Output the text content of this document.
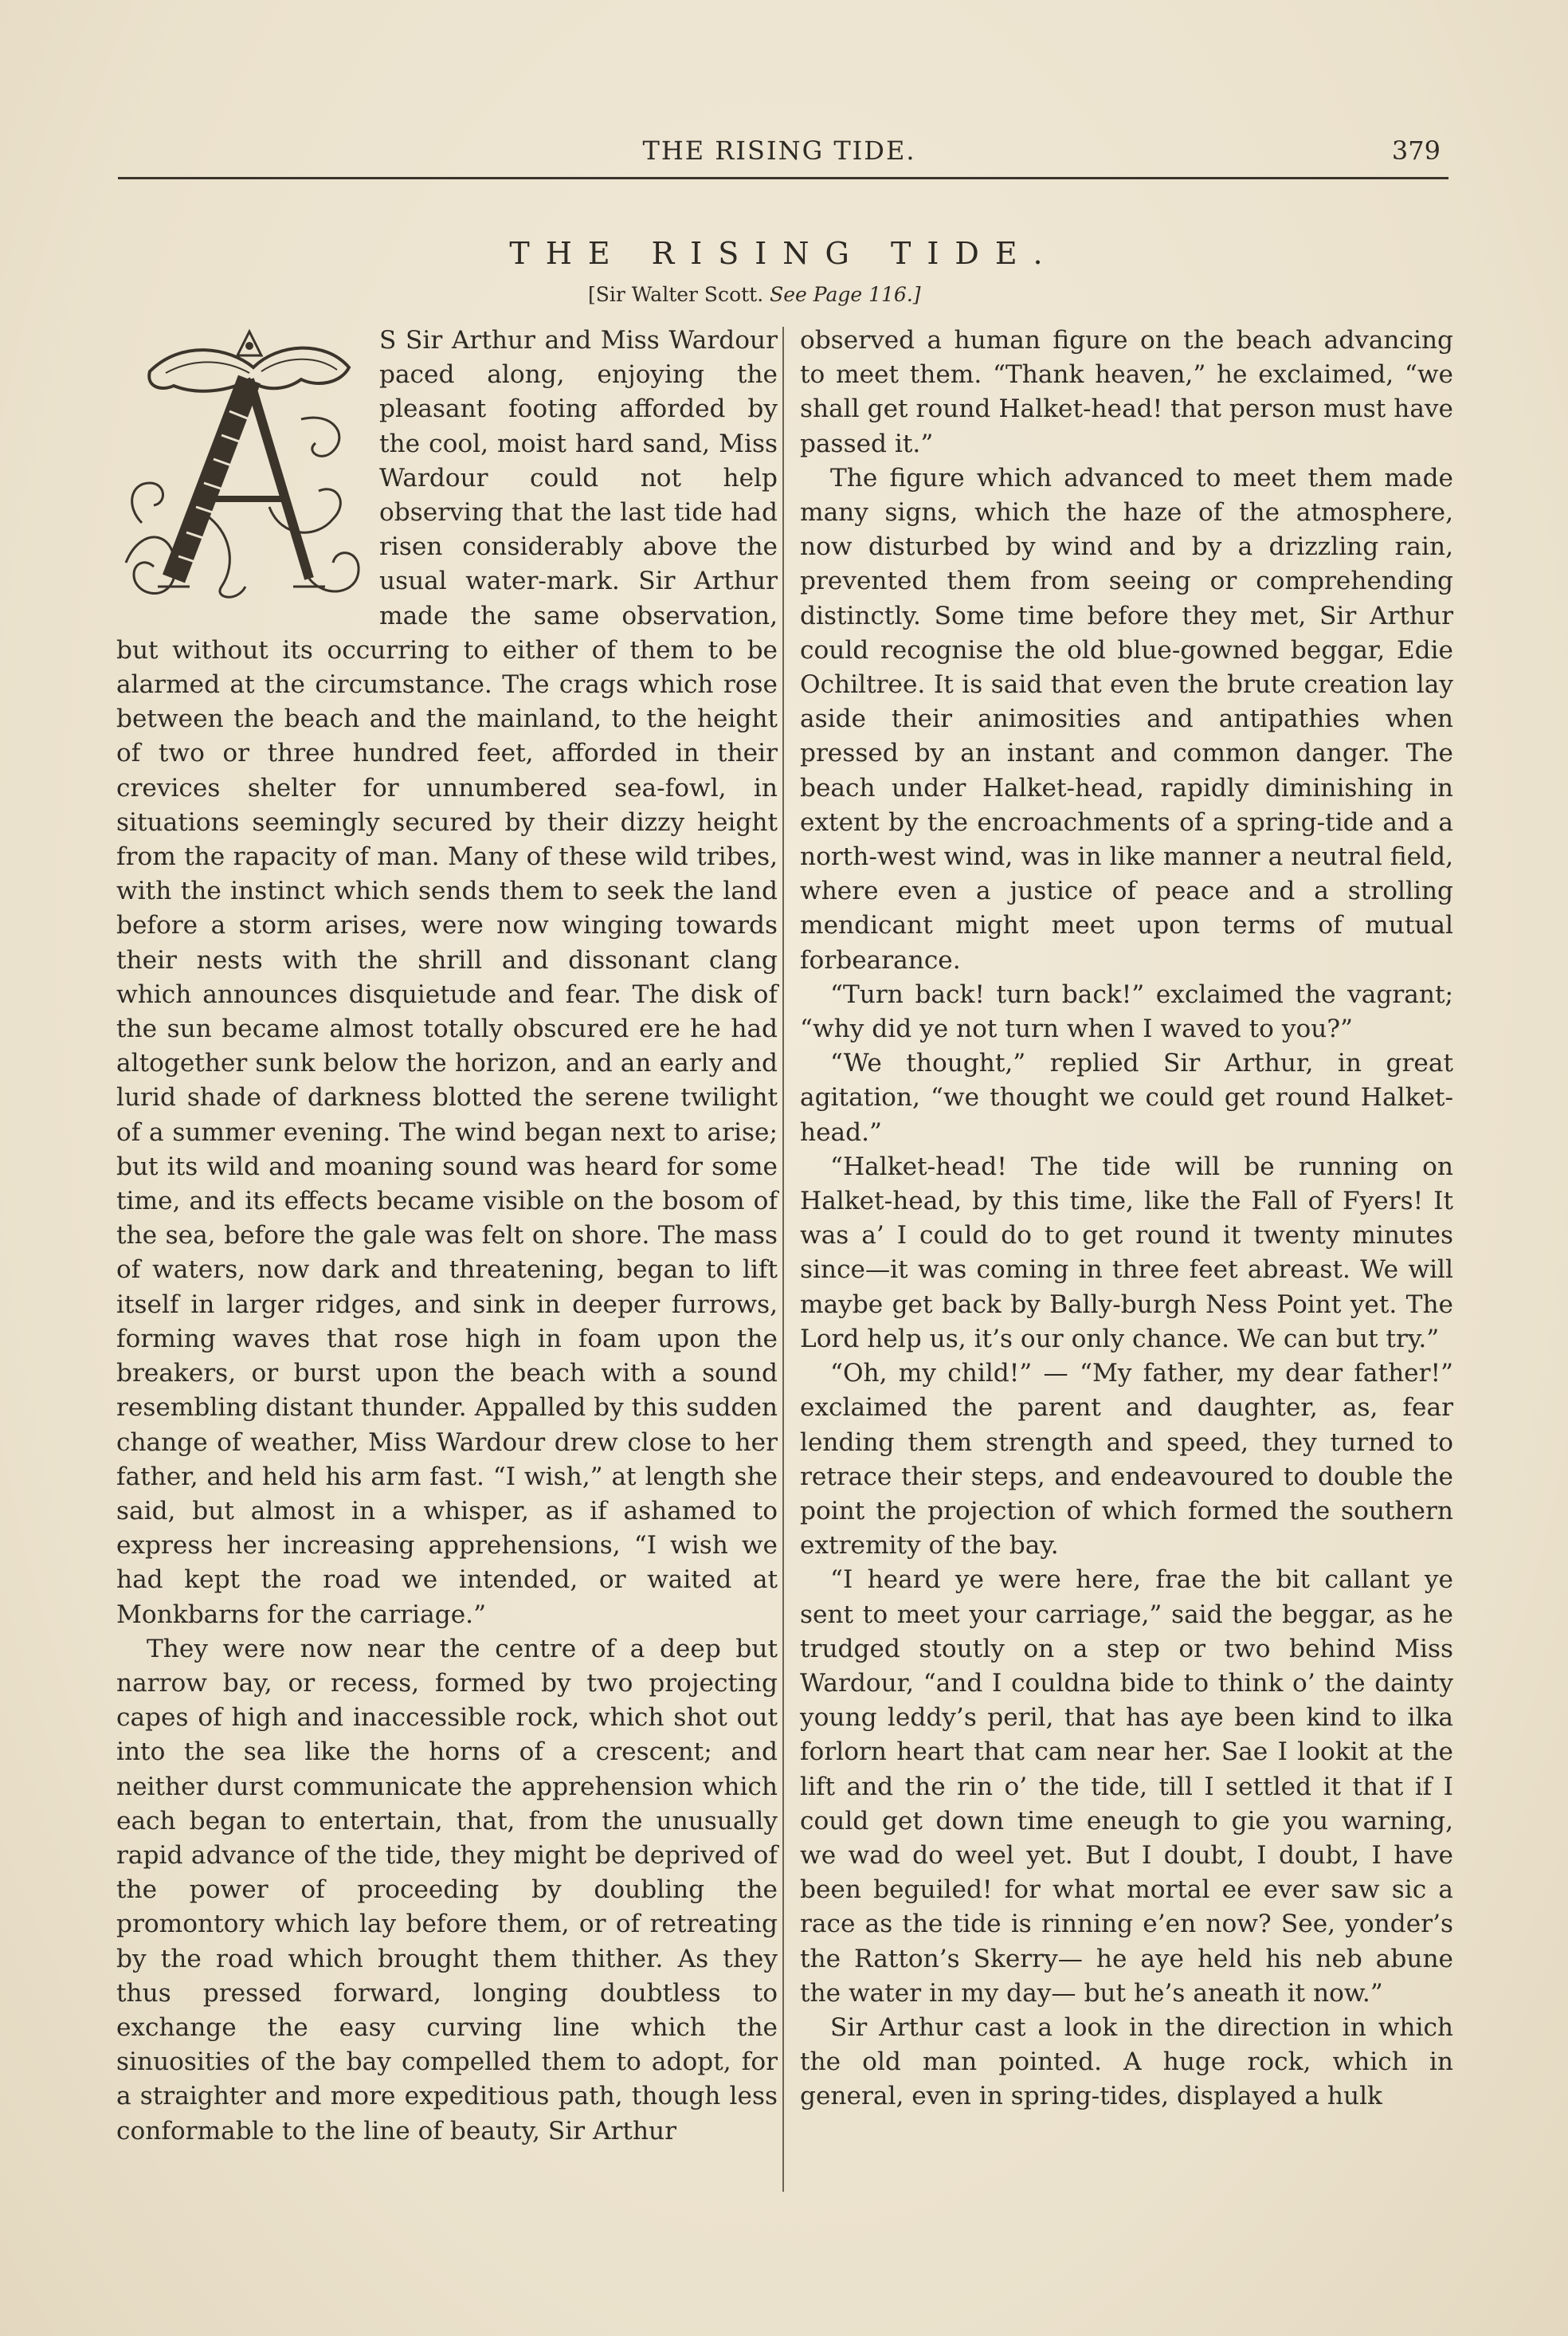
THE RISING TIDE.	379
THE RISING TIDE.
[Sir Walter Scott. See Page 116.]

S Sir Arthur and Miss Wardour paced along, enjoying the pleasant footing afforded by the cool, moist hard sand, Miss Wardour could not help observing that the last tide had risen considerably above the usual water-mark. Sir Arthur made the same observation, but without its occurring to either of them to be alarmed at the circumstance. The crags which rose between the beach and the mainland, to the height of two or three hundred feet, afforded in their crevices shelter for unnumbered sea-fowl, in situations seemingly secured by their dizzy height from the rapacity of man. Many of these wild tribes, with the instinct which sends them to seek the land before a storm arises, were now winging towards their nests with the shrill and dissonant clang which announces disquietude and fear. The disk of the sun became almost totally obscured ere he had altogether sunk below the horizon, and an early and lurid shade of darkness blotted the serene twilight of a summer evening. The wind began next to arise; but its wild and moaning sound was heard for some time, and its effects became visible on the bosom of the sea, before the gale was felt on shore. The mass of waters, now dark and threatening, began to lift itself in larger ridges, and sink in deeper furrows, forming waves that rose high in foam upon the breakers, or burst upon the beach with a sound resembling distant thunder. Appalled by this sudden change of weather, Miss Wardour drew close to her father, and held his arm fast. “I wish,” at length she said, but almost in a whisper, as if ashamed to express her increasing apprehensions, “I wish we had kept the road we intended, or waited at Monkbarns for the carriage.”

They were now near the centre of a deep but narrow bay, or recess, formed by two projecting capes of high and inaccessible rock, which shot out into the sea like the horns of a crescent; and neither durst communicate the apprehension which each began to entertain, that, from the unusually rapid advance of the tide, they might be deprived of the power of proceeding by doubling the promontory which lay before them, or of retreating by the road which brought them thither. As they thus pressed forward, longing doubtless to exchange the easy curving line which the sinuosities of the bay compelled them to adopt, for a straighter and more expeditious path, though less conformable to the line of beauty, Sir Arthur

observed a human figure on the beach advancing to meet them. “Thank heaven,” he exclaimed, “we shall get round Halket-head! that person must have passed it.”

The figure which advanced to meet them made many signs, which the haze of the atmosphere, now disturbed by wind and by a drizzling rain, prevented them from seeing or comprehending distinctly. Some time before they met, Sir Arthur could recognise the old blue-gowned beggar, Edie Ochiltree. It is said that even the brute creation lay aside their animosities and antipathies when pressed by an instant and common danger. The beach under Halket-head, rapidly diminishing in extent by the encroachments of a spring-tide and a north-west wind, was in like manner a neutral field, where even a justice of peace and a strolling mendicant might meet upon terms of mutual forbearance.

“Turn back! turn back!” exclaimed the vagrant; “why did ye not turn when I waved to you?”

“We thought,” replied Sir Arthur, in great agitation, “we thought we could get round Halket-head.”

“Halket-head! The tide will be running on Halket-head, by this time, like the Fall of Fyers! It was a’ I could do to get round it twenty minutes since—it was coming in three feet abreast. We will maybe get back by Bally-burgh Ness Point yet. The Lord help us, it’s our only chance. We can but try.”

“Oh, my child!” — “My father, my dear father!” exclaimed the parent and daughter, as, fear lending them strength and speed, they turned to retrace their steps, and endeavoured to double the point the projection of which formed the southern extremity of the bay.

“I heard ye were here, frae the bit callant ye sent to meet your carriage,” said the beggar, as he trudged stoutly on a step or two behind Miss Wardour, “and I couldna bide to think o’ the dainty young leddy’s peril, that has aye been kind to ilka forlorn heart that cam near her. Sae I lookit at the lift and the rin o’ the tide, till I settled it that if I could get down time eneugh to gie you warning, we wad do weel yet. But I doubt, I doubt, I have been beguiled! for what mortal ee ever saw sic a race as the tide is rinning e’en now? See, yonder’s the Ratton’s Skerry— he aye held his neb abune the water in my day— but he’s aneath it now.”

Sir Arthur cast a look in the direction in which the old man pointed. A huge rock, which in general, even in spring-tides, displayed a hulk
